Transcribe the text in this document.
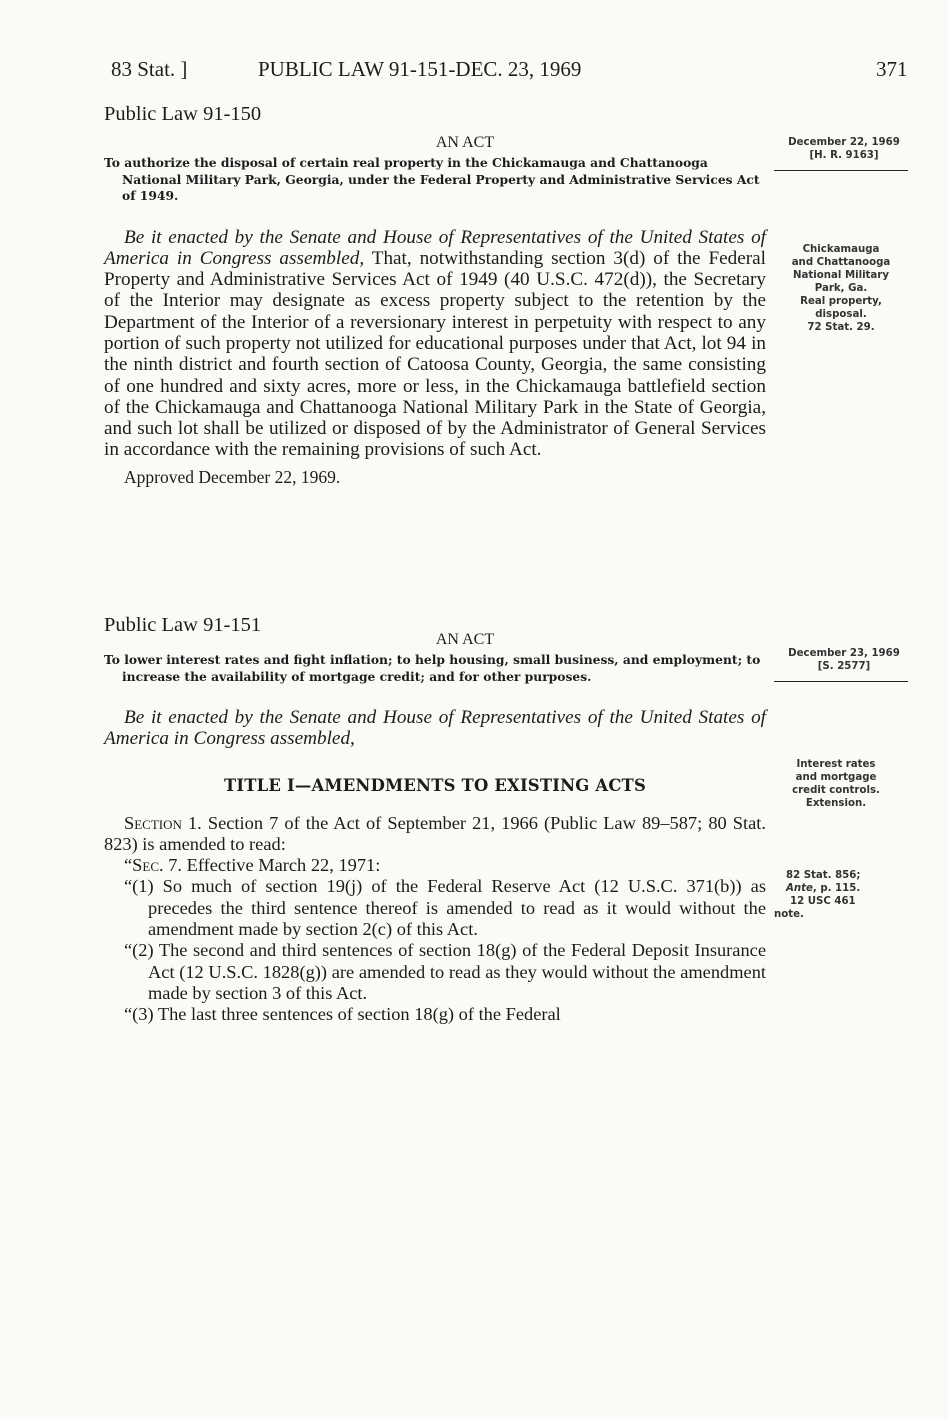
83 Stat. ]	PUBLIC LAW 91-151-DEC. 23, 1969	371

Public Law 91-150

AN ACT

To authorize the disposal of certain real property in the Chickamauga and Chattanooga National Military Park, Georgia, under the Federal Property and Administrative Services Act of 1949.

Be it enacted by the Senate and House of Representatives of the United States of America in Congress assembled, That, notwithstanding section 3(d) of the Federal Property and Administrative Services Act of 1949 (40 U.S.C. 472(d)), the Secretary of the Interior may designate as excess property subject to the retention by the Department of the Interior of a reversionary interest in perpetuity with respect to any portion of such property not utilized for educational purposes under that Act, lot 94 in the ninth district and fourth section of Catoosa County, Georgia, the same consisting of one hundred and sixty acres, more or less, in the Chickamauga battlefield section of the Chickamauga and Chattanooga National Military Park in the State of Georgia, and such lot shall be utilized or disposed of by the Administrator of General Services in accordance with the remaining provisions of such Act.

Approved December 22, 1969.

December 22, 1969
[H. R. 9163]
Chickamauga
and Chattanooga
National Military
Park, Ga.
Real property,
disposal.
72 Stat. 29.

Public Law 91-151

AN ACT

To lower interest rates and fight inflation; to help housing, small business, and employment; to increase the availability of mortgage credit; and for other purposes.

Be it enacted by the Senate and House of Representatives of the United States of America in Congress assembled,

TITLE I—AMENDMENTS TO EXISTING ACTS

Section 1. Section 7 of the Act of September 21, 1966 (Public Law 89–587; 80 Stat. 823) is amended to read:

“Sec. 7. Effective March 22, 1971:

“(1) So much of section 19(j) of the Federal Reserve Act (12 U.S.C. 371(b)) as precedes the third sentence thereof is amended to read as it would without the amendment made by section 2(c) of this Act.

“(2) The second and third sentences of section 18(g) of the Federal Deposit Insurance Act (12 U.S.C. 1828(g)) are amended to read as they would without the amendment made by section 3 of this Act.

“(3) The last three sentences of section 18(g) of the Federal

December 23, 1969
[S. 2577]
Interest rates
and mortgage
credit controls.
Extension.
82 Stat. 856;
Ante, p. 115.
12 USC 461
note.
